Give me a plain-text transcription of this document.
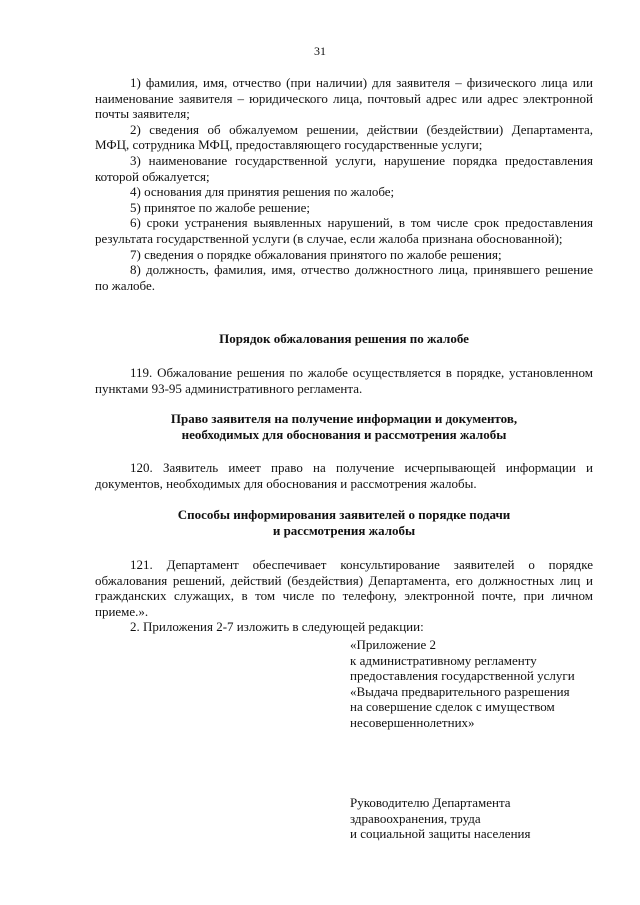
31

1) фамилия, имя, отчество (при наличии) для заявителя – физического лица или наименование заявителя – юридического лица, почтовый адрес или адрес электронной почты заявителя;

2) сведения об обжалуемом решении, действии (бездействии) Департамента, МФЦ, сотрудника МФЦ, предоставляющего государственные услуги;

3) наименование государственной услуги, нарушение порядка предоставления которой обжалуется;

4) основания для принятия решения по жалобе;

5) принятое по жалобе решение;

6) сроки устранения выявленных нарушений, в том числе срок предоставления результата государственной услуги (в случае, если жалоба признана обоснованной);

7) сведения о порядке обжалования принятого по жалобе решения;

8) должность, фамилия, имя, отчество должностного лица, принявшего решение по жалобе.

Порядок обжалования решения по жалобе

119. Обжалование решения по жалобе осуществляется в порядке, установленном пунктами 93-95 административного регламента.

Право заявителя на получение информации и документов,

необходимых для обоснования и рассмотрения жалобы

120. Заявитель имеет право на получение исчерпывающей информации и документов, необходимых для обоснования и рассмотрения жалобы.

Способы информирования заявителей о порядке подачи

и рассмотрения жалобы

121. Департамент обеспечивает консультирование заявителей о порядке обжалования решений, действий (бездействия) Департамента, его должностных лиц и гражданских служащих, в том числе по телефону, электронной почте, при личном приеме.».

2. Приложения 2-7 изложить в следующей редакции:

«Приложение 2

к административному регламенту

предоставления государственной услуги

«Выдача предварительного разрешения

на совершение сделок с имуществом

несовершеннолетних»

Руководителю Департамента

здравоохранения, труда

и социальной защиты населения
